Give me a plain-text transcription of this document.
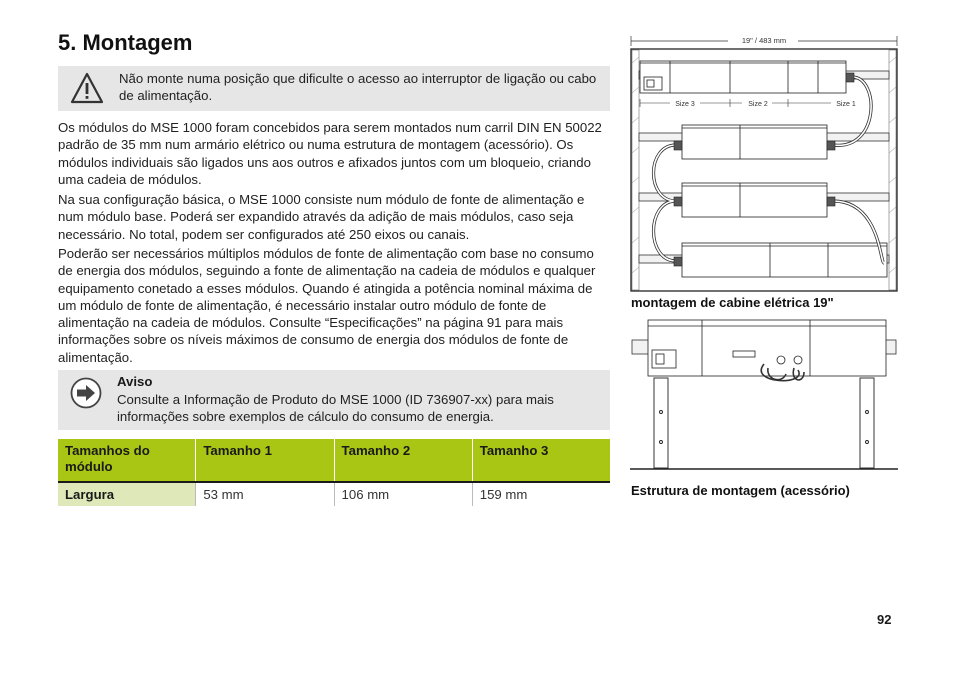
5. Montagem
Não monte numa posição que dificulte o acesso ao interruptor de ligação ou cabo de alimentação.
Os módulos do MSE 1000 foram concebidos para serem montados num carril DIN EN 50022 padrão de 35 mm num armário elétrico ou numa estrutura de montagem (acessório). Os módulos individuais são ligados uns aos outros e afixados juntos com um bloqueio, criando uma cadeia de módulos.
Na sua configuração básica, o MSE 1000 consiste num módulo de fonte de alimentação e num módulo base. Poderá ser expandido através da adição de mais módulos, caso seja necessário. No total, podem ser configurados até 250 eixos ou canais.
Poderão ser necessários múltiplos módulos de fonte de alimentação com base no consumo de energia dos módulos, seguindo a fonte de alimentação na cadeia de módulos e qualquer equipamento conetado a esses módulos. Quando é atingida a potência nominal máxima de um módulo de fonte de alimentação, é necessário instalar outro módulo de fonte de alimentação na cadeia de módulos. Consulte “Especificações” na página 91 para mais informações sobre os níveis máximos de consumo de energia dos módulos de fonte de alimentação.
Aviso
Consulte a Informação de Produto do MSE 1000 (ID 736907-xx) para mais informações sobre exemplos de cálculo do consumo de energia.
Tamanhos do módulo	Tamanho 1	Tamanho 2	Tamanho 3
Largura	53 mm	106 mm	159 mm
19" / 483 mm
Size 3	Size 2	Size 1
montagem de cabine elétrica 19"
Estrutura de montagem (acessório)
92
